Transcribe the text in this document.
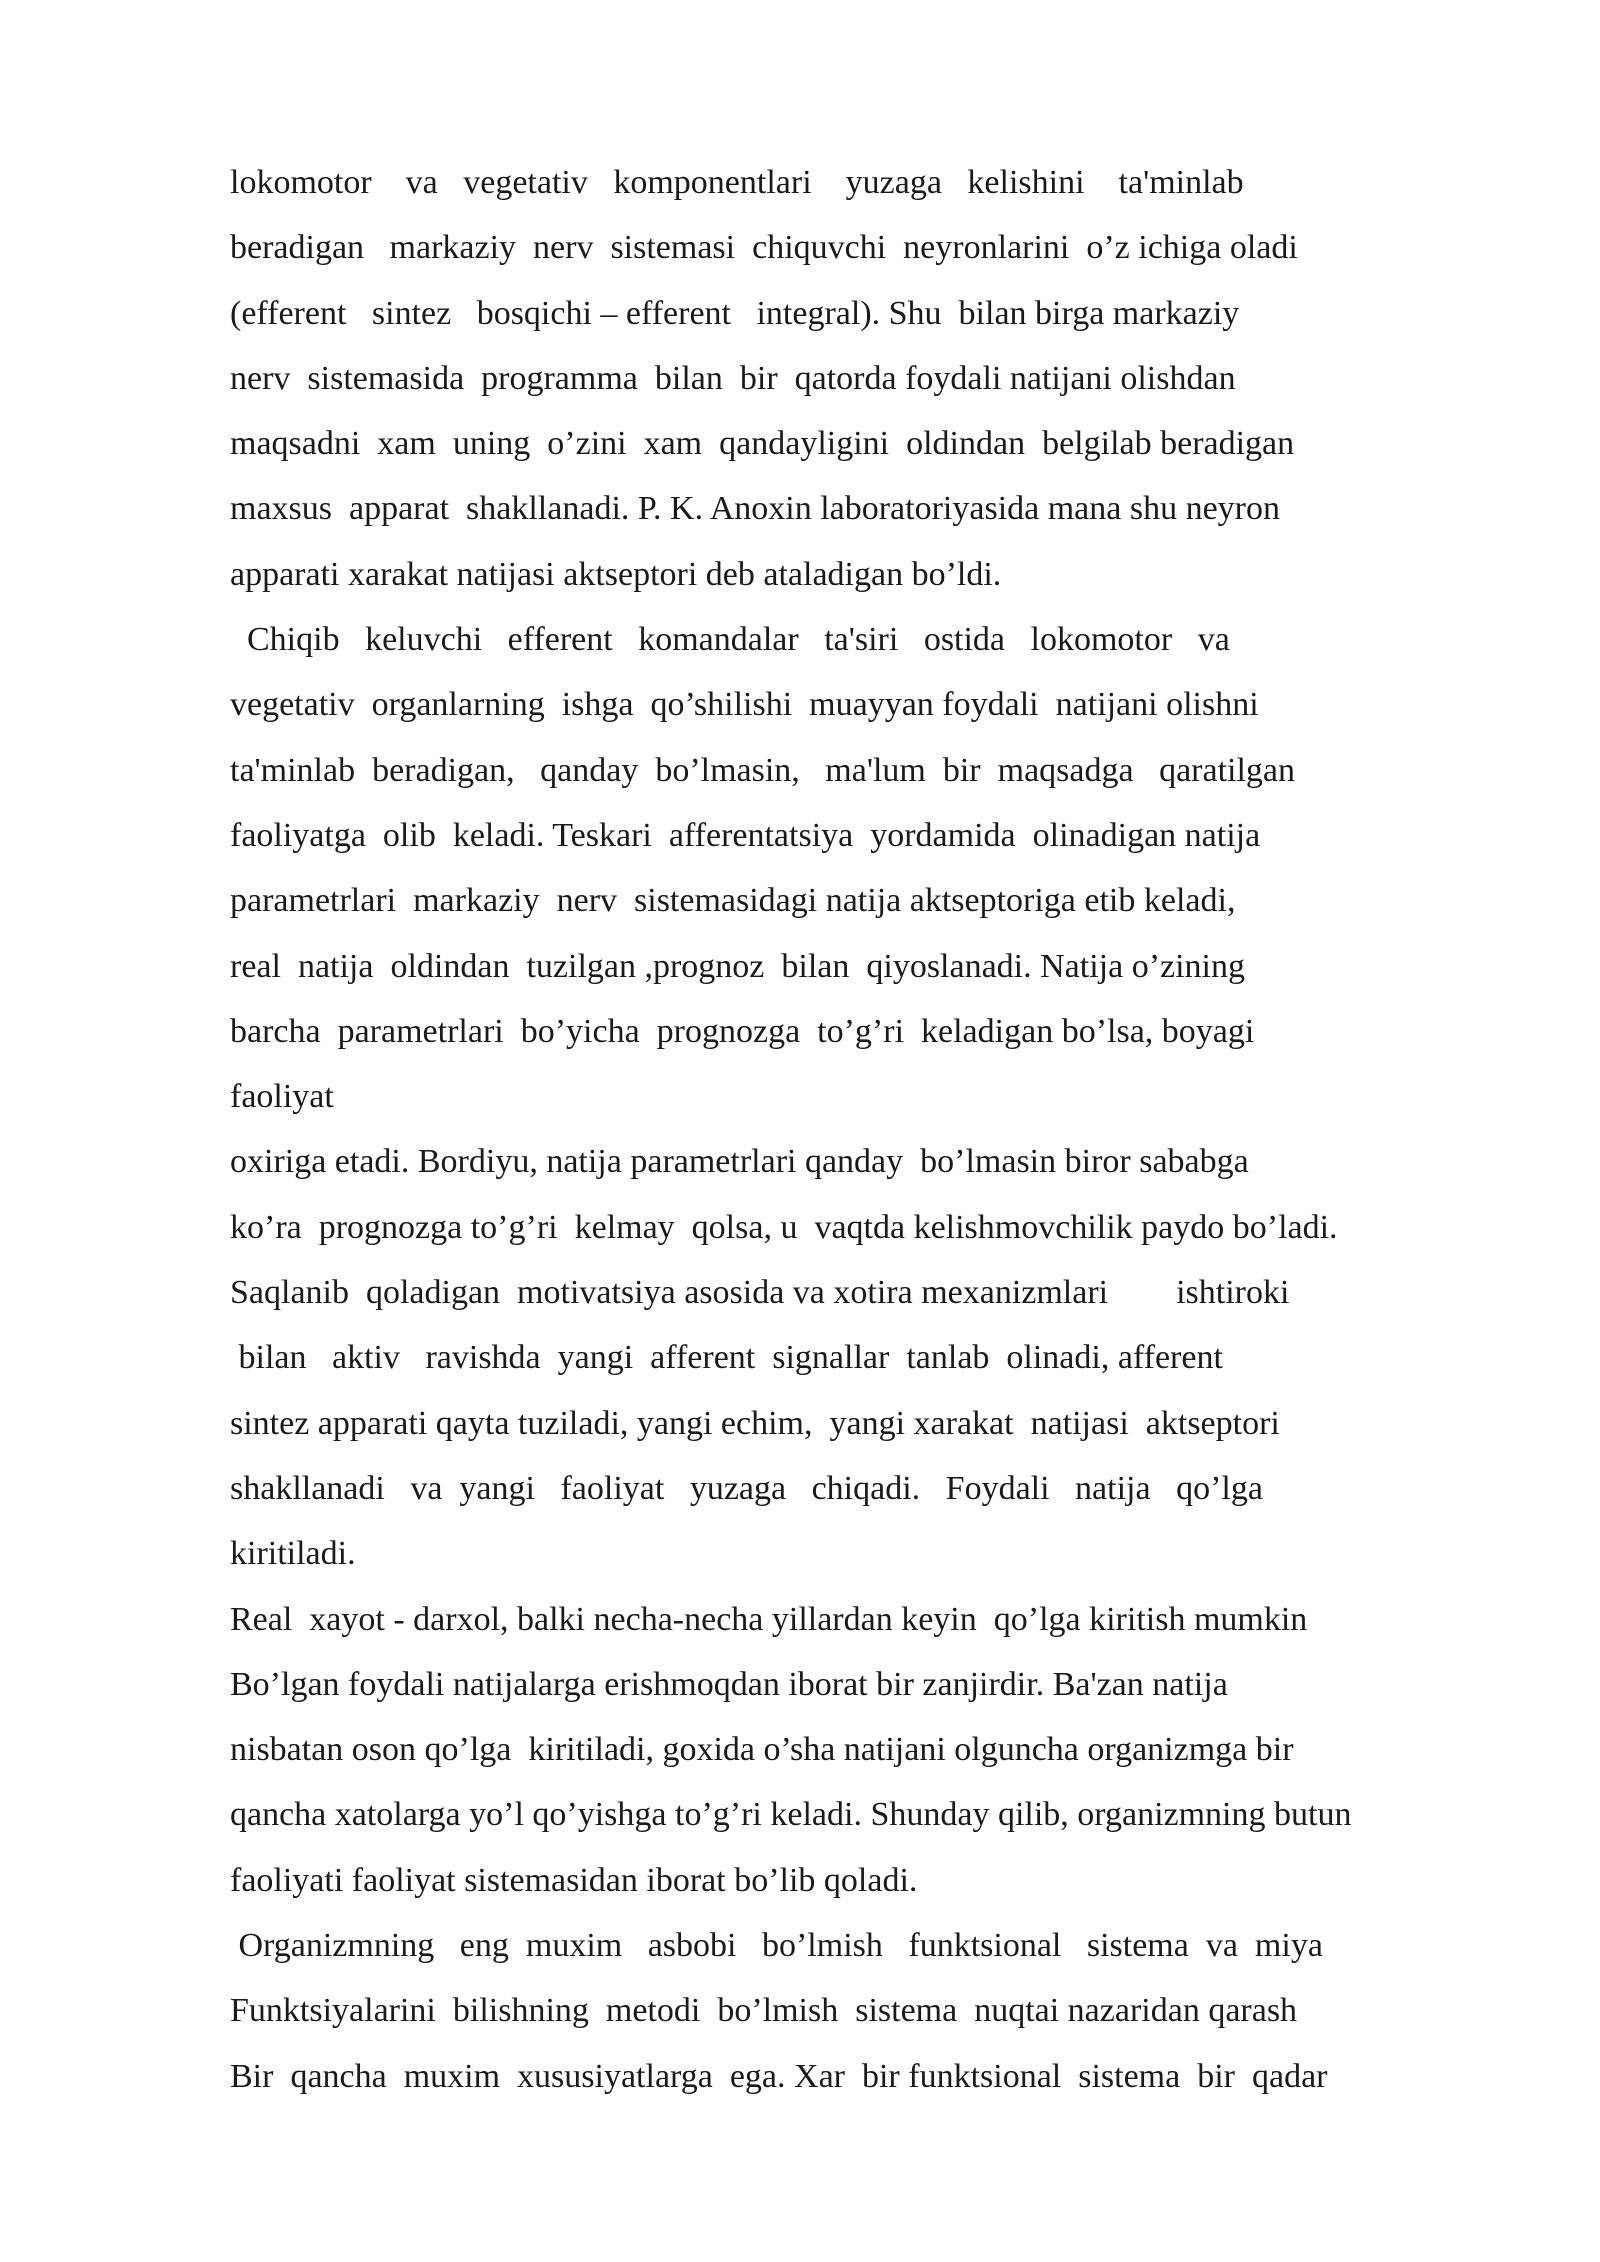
lokomotor    va   vegetativ   komponentlari    yuzaga   kelishini    ta'minlab

beradigan   markaziy  nerv  sistemasi  chiquvchi  neyronlarini  o’z ichiga oladi

(efferent   sintez   bosqichi – efferent   integral). Shu  bilan birga markaziy

nerv  sistemasida  programma  bilan  bir  qatorda foydali natijani olishdan

maqsadni  xam  uning  o’zini  xam  qandayligini  oldindan  belgilab beradigan

maxsus  apparat  shakllanadi. P. K. Anoxin laboratoriyasida mana shu neyron

apparati xarakat natijasi aktseptori deb ataladigan bo’ldi.

Chiqib   keluvchi   efferent   komandalar   ta'siri   ostida   lokomotor   va

vegetativ  organlarning  ishga  qo’shilishi  muayyan foydali  natijani olishni

ta'minlab  beradigan,   qanday  bo’lmasin,   ma'lum  bir  maqsadga   qaratilgan

faoliyatga  olib  keladi. Teskari  afferentatsiya  yordamida  olinadigan natija

parametrlari  markaziy  nerv  sistemasidagi natija aktseptoriga etib keladi,

real  natija  oldindan  tuzilgan ,prognoz  bilan  qiyoslanadi. Natija o’zining

barcha  parametrlari  bo’yicha  prognozga  to’g’ri  keladigan bo’lsa, boyagi

faoliyat

oxiriga etadi. Bordiyu, natija parametrlari qanday  bo’lmasin biror sababga

ko’ra  prognozga to’g’ri  kelmay  qolsa, u  vaqtda kelishmovchilik paydo bo’ladi.

Saqlanib  qoladigan  motivatsiya asosida va xotira mexanizmlari        ishtiroki

bilan   aktiv   ravishda  yangi  afferent  signallar  tanlab  olinadi, afferent

sintez apparati qayta tuziladi, yangi echim,  yangi xarakat  natijasi  aktseptori

shakllanadi   va  yangi   faoliyat   yuzaga   chiqadi.   Foydali   natija   qo’lga

kiritiladi.

Real  xayot - darxol, balki necha-necha yillardan keyin  qo’lga kiritish mumkin

Bo’lgan foydali natijalarga erishmoqdan iborat bir zanjirdir. Ba'zan natija

nisbatan oson qo’lga  kiritiladi, goxida o’sha natijani olguncha organizmga bir

qancha xatolarga yo’l qo’yishga to’g’ri keladi. Shunday qilib, organizmning butun

faoliyati faoliyat sistemasidan iborat bo’lib qoladi.

Organizmning   eng  muxim   asbobi   bo’lmish   funktsional   sistema  va  miya

Funktsiyalarini  bilishning  metodi  bo’lmish  sistema  nuqtai nazaridan qarash

Bir  qancha  muxim  xususiyatlarga  ega. Xar  bir funktsional  sistema  bir  qadar
